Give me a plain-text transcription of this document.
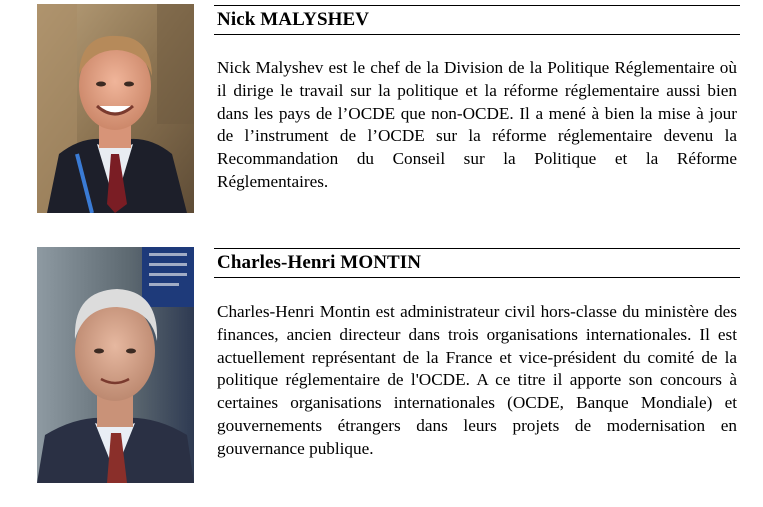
Nick MALYSHEV

Nick Malyshev est le chef de la Division de la Politique Réglementaire où il dirige le travail sur la politique et la réforme réglementaire aussi bien dans les pays de l’OCDE que non-OCDE. Il a mené à bien la mise à jour de l’instrument de l’OCDE sur la réforme réglementaire devenu la Recommandation du Conseil sur la Politique et la Réforme Réglementaires.

Charles-Henri MONTIN

Charles-Henri Montin est administrateur civil hors-classe du ministère des finances, ancien directeur dans trois organisations internationales. Il est actuellement représentant de la France et vice-président du comité de la politique réglementaire de l'OCDE. A ce titre il apporte son concours à certaines organisations internationales (OCDE, Banque Mondiale) et gouvernements étrangers dans leurs projets de modernisation en gouvernance publique.
